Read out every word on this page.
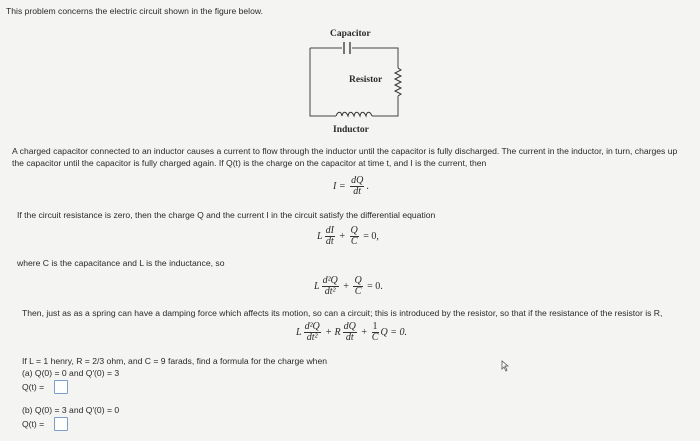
This problem concerns the electric circuit shown in the figure below.
Capacitor
Resistor
Inductor
A charged capacitor connected to an inductor causes a current to flow through the inductor until the capacitor is fully discharged. The current in the inductor, in turn, charges up
the capacitor until the capacitor is fully charged again. If Q(t) is the charge on the capacitor at time t, and I is the current, then
$I = \frac{dQ}{dt}$ .
If the circuit resistance is zero, then the charge Q and the current I in the circuit satisfy the differential equation
L $\frac{dI}{dt} + \frac{Q}{C} = 0$,
where C is the capacitance and L is the inductance, so
L $\frac{\text{d²Q}}{\text{dt²}} + \frac{Q}{C} = 0$.
Then, just as as a spring can have a damping force which affects its motion, so can a circuit; this is introduced by the resistor, so that if the resistance of the resistor is R,
L $\frac{\text{d²Q}}{\text{dt²}} + R \frac{dQ}{dt} + \frac{1}{C}$ Q = 0.
If L = 1 henry, R = 2/3 ohm, and C = 9 farads, find a formula for the charge when
(a) Q(0) = 0 and Q′(0) = 3
Q(t) =
(b) Q(0) = 3 and Q′(0) = 0
Q(t) =
